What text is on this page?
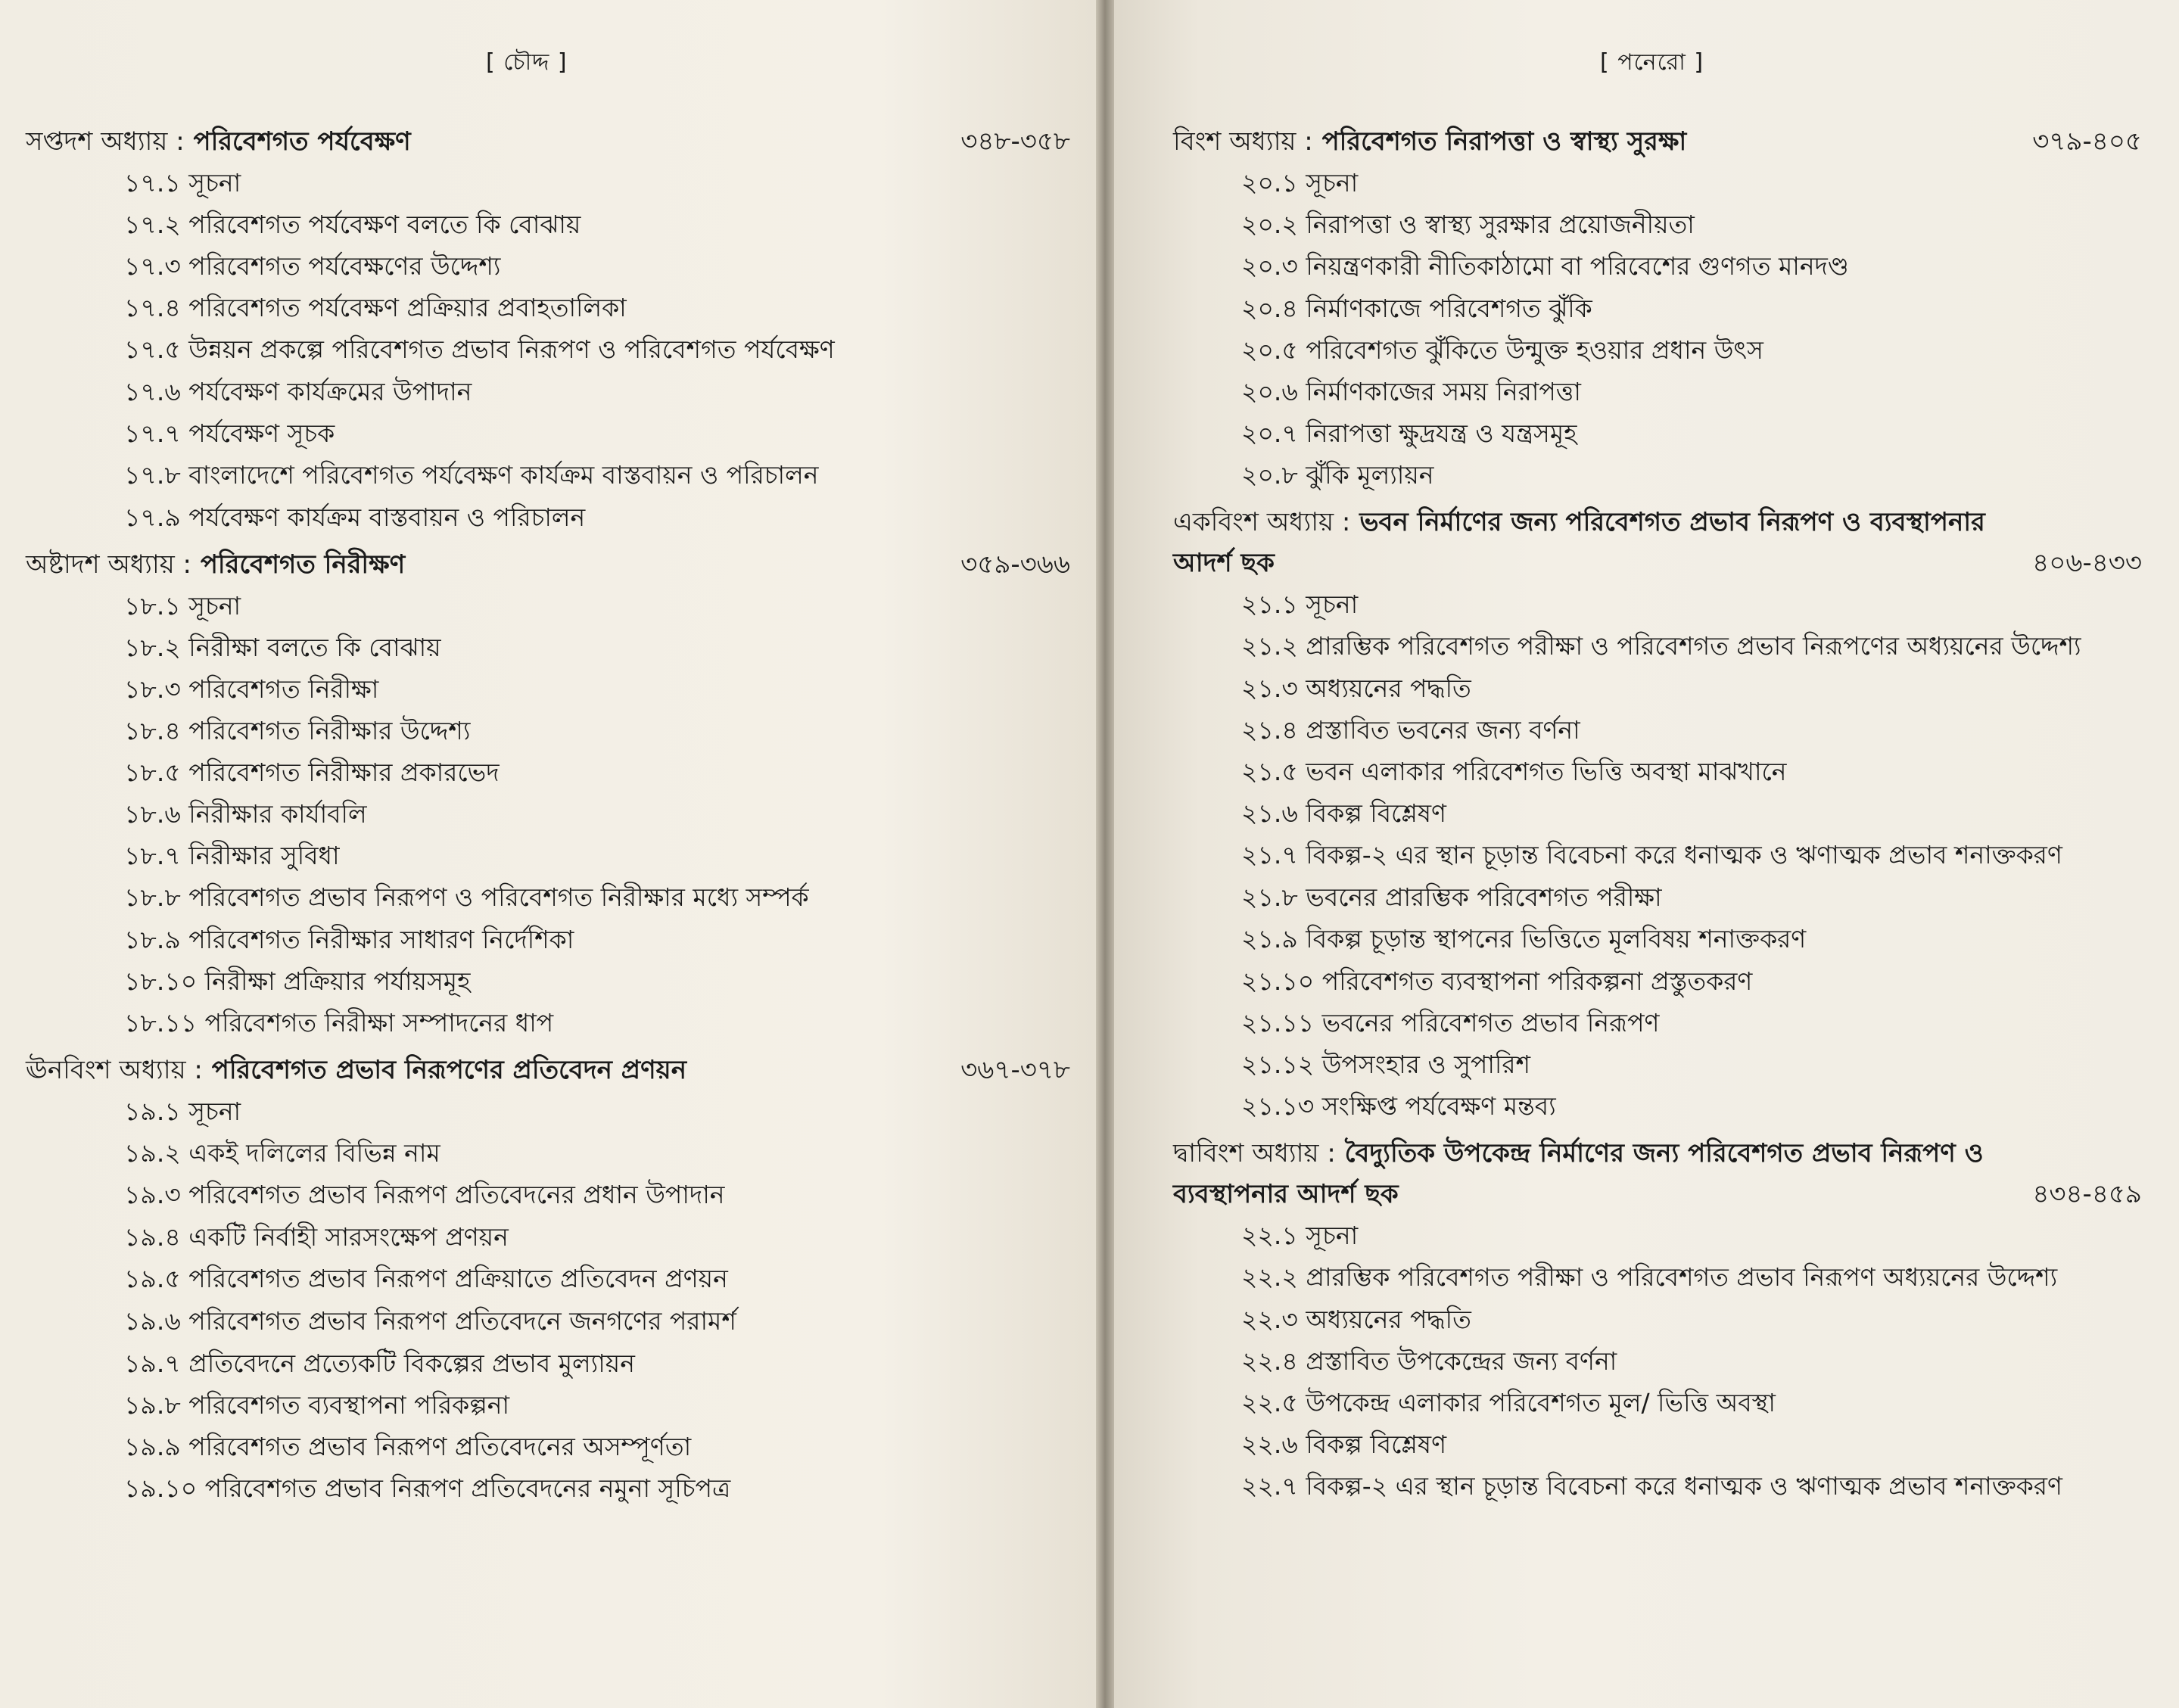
[ চৌদ্দ ]
সপ্তদশ অধ্যায় : পরিবেশগত পর্যবেক্ষণ	৩৪৮-৩৫৮
১৭.১ সূচনা
১৭.২ পরিবেশগত পর্যবেক্ষণ বলতে কি বোঝায়
১৭.৩ পরিবেশগত পর্যবেক্ষণের উদ্দেশ্য
১৭.৪ পরিবেশগত পর্যবেক্ষণ প্রক্রিয়ার প্রবাহতালিকা
১৭.৫ উন্নয়ন প্রকল্পে পরিবেশগত প্রভাব নিরূপণ ও পরিবেশগত পর্যবেক্ষণ
১৭.৬ পর্যবেক্ষণ কার্যক্রমের উপাদান
১৭.৭ পর্যবেক্ষণ সূচক
১৭.৮ বাংলাদেশে পরিবেশগত পর্যবেক্ষণ কার্যক্রম বাস্তবায়ন ও পরিচালন
১৭.৯ পর্যবেক্ষণ কার্যক্রম বাস্তবায়ন ও পরিচালন
অষ্টাদশ অধ্যায় : পরিবেশগত নিরীক্ষণ	৩৫৯-৩৬৬
১৮.১ সূচনা
১৮.২ নিরীক্ষা বলতে কি বোঝায়
১৮.৩ পরিবেশগত নিরীক্ষা
১৮.৪ পরিবেশগত নিরীক্ষার উদ্দেশ্য
১৮.৫ পরিবেশগত নিরীক্ষার প্রকারভেদ
১৮.৬ নিরীক্ষার কার্যাবলি
১৮.৭ নিরীক্ষার সুবিধা
১৮.৮ পরিবেশগত প্রভাব নিরূপণ ও পরিবেশগত নিরীক্ষার মধ্যে সম্পর্ক
১৮.৯ পরিবেশগত নিরীক্ষার সাধারণ নির্দেশিকা
১৮.১০ নিরীক্ষা প্রক্রিয়ার পর্যায়সমূহ
১৮.১১ পরিবেশগত নিরীক্ষা সম্পাদনের ধাপ
ঊনবিংশ অধ্যায় : পরিবেশগত প্রভাব নিরূপণের প্রতিবেদন প্রণয়ন	৩৬৭-৩৭৮
১৯.১ সূচনা
১৯.২ একই দলিলের বিভিন্ন নাম
১৯.৩ পরিবেশগত প্রভাব নিরূপণ প্রতিবেদনের প্রধান উপাদান
১৯.৪ একটি নির্বাহী সারসংক্ষেপ প্রণয়ন
১৯.৫ পরিবেশগত প্রভাব নিরূপণ প্রক্রিয়াতে প্রতিবেদন প্রণয়ন
১৯.৬ পরিবেশগত প্রভাব নিরূপণ প্রতিবেদনে জনগণের পরামর্শ
১৯.৭ প্রতিবেদনে প্রত্যেকটি বিকল্পের প্রভাব মুল্যায়ন
১৯.৮ পরিবেশগত ব্যবস্থাপনা পরিকল্পনা
১৯.৯ পরিবেশগত প্রভাব নিরূপণ প্রতিবেদনের অসম্পূর্ণতা
১৯.১০ পরিবেশগত প্রভাব নিরূপণ প্রতিবেদনের নমুনা সূচিপত্র
[ পনেরো ]
বিংশ অধ্যায় : পরিবেশগত নিরাপত্তা ও স্বাস্থ্য সুরক্ষা	৩৭৯-৪০৫
২০.১ সূচনা
২০.২ নিরাপত্তা ও স্বাস্থ্য সুরক্ষার প্রয়োজনীয়তা
২০.৩ নিয়ন্ত্রণকারী নীতিকাঠামো বা পরিবেশের গুণগত মানদণ্ড
২০.৪ নির্মাণকাজে পরিবেশগত ঝুঁকি
২০.৫ পরিবেশগত ঝুঁকিতে উন্মুক্ত হওয়ার প্রধান উৎস
২০.৬ নির্মাণকাজের সময় নিরাপত্তা
২০.৭ নিরাপত্তা ক্ষুদ্রযন্ত্র ও যন্ত্রসমূহ
২০.৮ ঝুঁকি মূল্যায়ন
একবিংশ অধ্যায় : ভবন নির্মাণের জন্য পরিবেশগত প্রভাব নিরূপণ ও ব্যবস্থাপনার আদর্শ ছক	৪০৬-৪৩৩
২১.১ সূচনা
২১.২ প্রারম্ভিক পরিবেশগত পরীক্ষা ও পরিবেশগত প্রভাব নিরূপণের অধ্যয়নের উদ্দেশ্য
২১.৩ অধ্যয়নের পদ্ধতি
২১.৪ প্রস্তাবিত ভবনের জন্য বর্ণনা
২১.৫ ভবন এলাকার পরিবেশগত ভিত্তি অবস্থা মাঝখানে
২১.৬ বিকল্প বিশ্লেষণ
২১.৭ বিকল্প-২ এর স্থান চূড়ান্ত বিবেচনা করে ধনাত্মক ও ঋণাত্মক প্রভাব শনাক্তকরণ
২১.৮ ভবনের প্রারম্ভিক পরিবেশগত পরীক্ষা
২১.৯ বিকল্প চূড়ান্ত স্থাপনের ভিত্তিতে মূলবিষয় শনাক্তকরণ
২১.১০ পরিবেশগত ব্যবস্থাপনা পরিকল্পনা প্রস্তুতকরণ
২১.১১ ভবনের পরিবেশগত প্রভাব নিরূপণ
২১.১২ উপসংহার ও সুপারিশ
২১.১৩ সংক্ষিপ্ত পর্যবেক্ষণ মন্তব্য
দ্বাবিংশ অধ্যায় : বৈদ্যুতিক উপকেন্দ্র নির্মাণের জন্য পরিবেশগত প্রভাব নিরূপণ ও ব্যবস্থাপনার আদর্শ ছক	৪৩৪-৪৫৯
২২.১ সূচনা
২২.২ প্রারম্ভিক পরিবেশগত পরীক্ষা ও পরিবেশগত প্রভাব নিরূপণ অধ্যয়নের উদ্দেশ্য
২২.৩ অধ্যয়নের পদ্ধতি
২২.৪ প্রস্তাবিত উপকেন্দ্রের জন্য বর্ণনা
২২.৫ উপকেন্দ্র এলাকার পরিবেশগত মূল/ ভিত্তি অবস্থা
২২.৬ বিকল্প বিশ্লেষণ
২২.৭ বিকল্প-২ এর স্থান চূড়ান্ত বিবেচনা করে ধনাত্মক ও ঋণাত্মক প্রভাব শনাক্তকরণ
